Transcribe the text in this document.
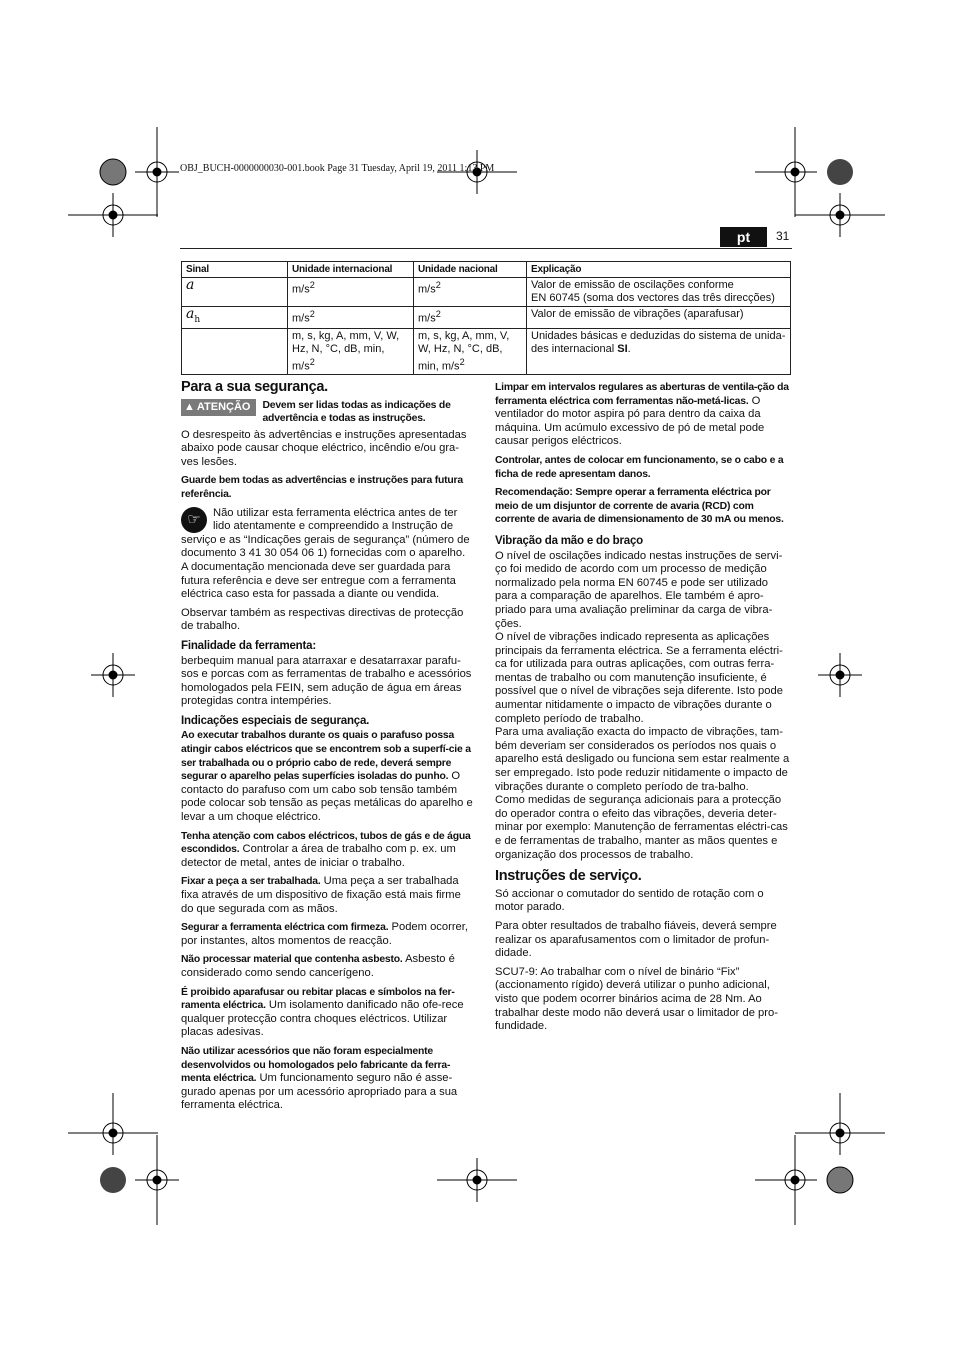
OBJ_BUCH-0000000030-001.book Page 31 Tuesday, April 19, 2011 1:13 PM
pt	31
Sinal	Unidade internacional	Unidade nacional	Explicação
a	$m/s^2$	$m/s^2$	Valor de emissão de oscilações conforme
EN 60745 (soma dos vectores das três direcções)
$a_h$	$m/s^2$	$m/s^2$	Valor de emissão de vibrações (aparafusar)
	m, s, kg, A, mm, V, W, Hz, N, °C, dB, min, $m/s^2$	m, s, kg, A, mm, V, W, Hz, N, °C, dB, min, $m/s^2$	Unidades básicas e deduzidas do sistema de unida-des internacional SI.
Para a sua segurança.
▲ ATENÇÃO Devem ser lidas todas as indicações de advertência e todas as instruções.

O desrespeito às advertências e instruções apresentadas abaixo pode causar choque eléctrico, incêndio e/ou gra-ves lesões.

Guarde bem todas as advertências e instruções para futura referência.

☞	Não utilizar esta ferramenta eléctrica antes de ter lido atentamente e compreendido a Instrução de serviço e as “Indicações gerais de segurança” (número de documento 3 41 30 054 06 1) fornecidas com o aparelho. A documentação mencionada deve ser guardada para futura referência e deve ser entregue com a ferramenta eléctrica caso esta for passada a diante ou vendida.

Observar também as respectivas directivas de protecção de trabalho.

Finalidade da ferramenta:

berbequim manual para atarraxar e desatarraxar parafu-sos e porcas com as ferramentas de trabalho e acessórios homologados pela FEIN, sem adução de água em áreas protegidas contra intempéries.

Indicações especiais de segurança.

Ao executar trabalhos durante os quais o parafuso possa atingir cabos eléctricos que se encontrem sob a superfí-cie a ser trabalhada ou o próprio cabo de rede, deverá sempre segurar o aparelho pelas superfícies isoladas do punho. O contacto do parafuso com um cabo sob tensão também pode colocar sob tensão as peças metálicas do aparelho e levar a um choque eléctrico.

Tenha atenção com cabos eléctricos, tubos de gás e de água escondidos. Controlar a área de trabalho com p. ex. um detector de metal, antes de iniciar o trabalho.

Fixar a peça a ser trabalhada. Uma peça a ser trabalhada fixa através de um dispositivo de fixação está mais firme do que segurada com as mãos.

Segurar a ferramenta eléctrica com firmeza. Podem ocorrer, por instantes, altos momentos de reacção.

Não processar material que contenha asbesto. Asbesto é considerado como sendo cancerígeno.

É proibido aparafusar ou rebitar placas e símbolos na fer-ramenta eléctrica. Um isolamento danificado não ofe-rece qualquer protecção contra choques eléctricos. Utilizar placas adesivas.

Não utilizar acessórios que não foram especialmente desenvolvidos ou homologados pelo fabricante da ferra-menta eléctrica. Um funcionamento seguro não é asse-gurado apenas por um acessório apropriado para a sua ferramenta eléctrica.

Limpar em intervalos regulares as aberturas de ventila-ção da ferramenta eléctrica com ferramentas não-metá-licas. O ventilador do motor aspira pó para dentro da caixa da máquina. Um acúmulo excessivo de pó de metal pode causar perigos eléctricos.

Controlar, antes de colocar em funcionamento, se o cabo e a ficha de rede apresentam danos.

Recomendação: Sempre operar a ferramenta eléctrica por meio de um disjuntor de corrente de avaria (RCD) com corrente de avaria de dimensionamento de 30 mA ou menos.

Vibração da mão e do braço

O nível de oscilações indicado nestas instruções de servi-ço foi medido de acordo com um processo de medição normalizado pela norma EN 60745 e pode ser utilizado para a comparação de aparelhos. Ele também é apro-priado para uma avaliação preliminar da carga de vibra-ções.

O nível de vibrações indicado representa as aplicações principais da ferramenta eléctrica. Se a ferramenta eléctri-ca for utilizada para outras aplicações, com outras ferra-mentas de trabalho ou com manutenção insuficiente, é possível que o nível de vibrações seja diferente. Isto pode aumentar nitidamente o impacto de vibrações durante o completo período de trabalho.

Para uma avaliação exacta do impacto de vibrações, tam-bém deveriam ser considerados os períodos nos quais o aparelho está desligado ou funciona sem estar realmente a ser empregado. Isto pode reduzir nitidamente o impacto de vibrações durante o completo período de tra-balho.

Como medidas de segurança adicionais para a protecção do operador contra o efeito das vibrações, deveria deter-minar por exemplo: Manutenção de ferramentas eléctri-cas e de ferramentas de trabalho, manter as mãos quentes e organização dos processos de trabalho.

Instruções de serviço.

Só accionar o comutador do sentido de rotação com o motor parado.

Para obter resultados de trabalho fiáveis, deverá sempre realizar os aparafusamentos com o limitador de profun-didade.

SCU7-9: Ao trabalhar com o nível de binário “Fix” (accionamento rígido) deverá utilizar o punho adicional, visto que podem ocorrer binários acima de 28 Nm. Ao trabalhar deste modo não deverá usar o limitador de pro-fundidade.
